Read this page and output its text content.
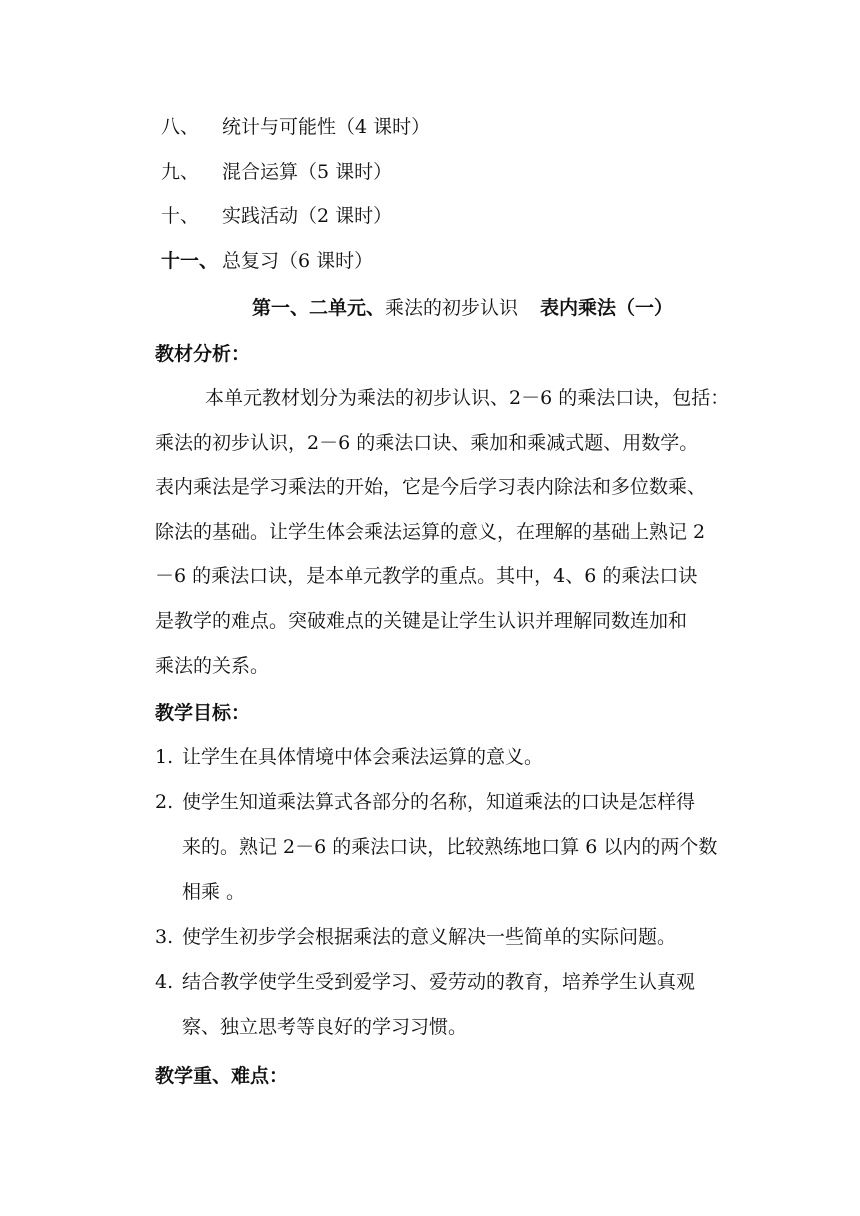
八、 统计与可能性（4 课时）
九、 混合运算（5 课时）
十、 实践活动（2 课时）
十一、 总复习（6 课时）
第一、二单元、乘法的初步认识 表内乘法（一）
教材分析：
本单元教材划分为乘法的初步认识、2－6 的乘法口诀，包括：
乘法的初步认识，2－6 的乘法口诀、乘加和乘减式题、用数学。
表内乘法是学习乘法的开始，它是今后学习表内除法和多位数乘、
除法的基础。让学生体会乘法运算的意义，在理解的基础上熟记 2
－6 的乘法口诀，是本单元教学的重点。其中，4、6 的乘法口诀
是教学的难点。突破难点的关键是让学生认识并理解同数连加和
乘法的关系。
教学目标：
1. 让学生在具体情境中体会乘法运算的意义。
2. 使学生知道乘法算式各部分的名称，知道乘法的口诀是怎样得
来的。熟记 2－6 的乘法口诀，比较熟练地口算 6 以内的两个数
相乘 。
3. 使学生初步学会根据乘法的意义解决一些简单的实际问题。
4. 结合教学使学生受到爱学习、爱劳动的教育，培养学生认真观
察、独立思考等良好的学习习惯。
教学重、难点：
